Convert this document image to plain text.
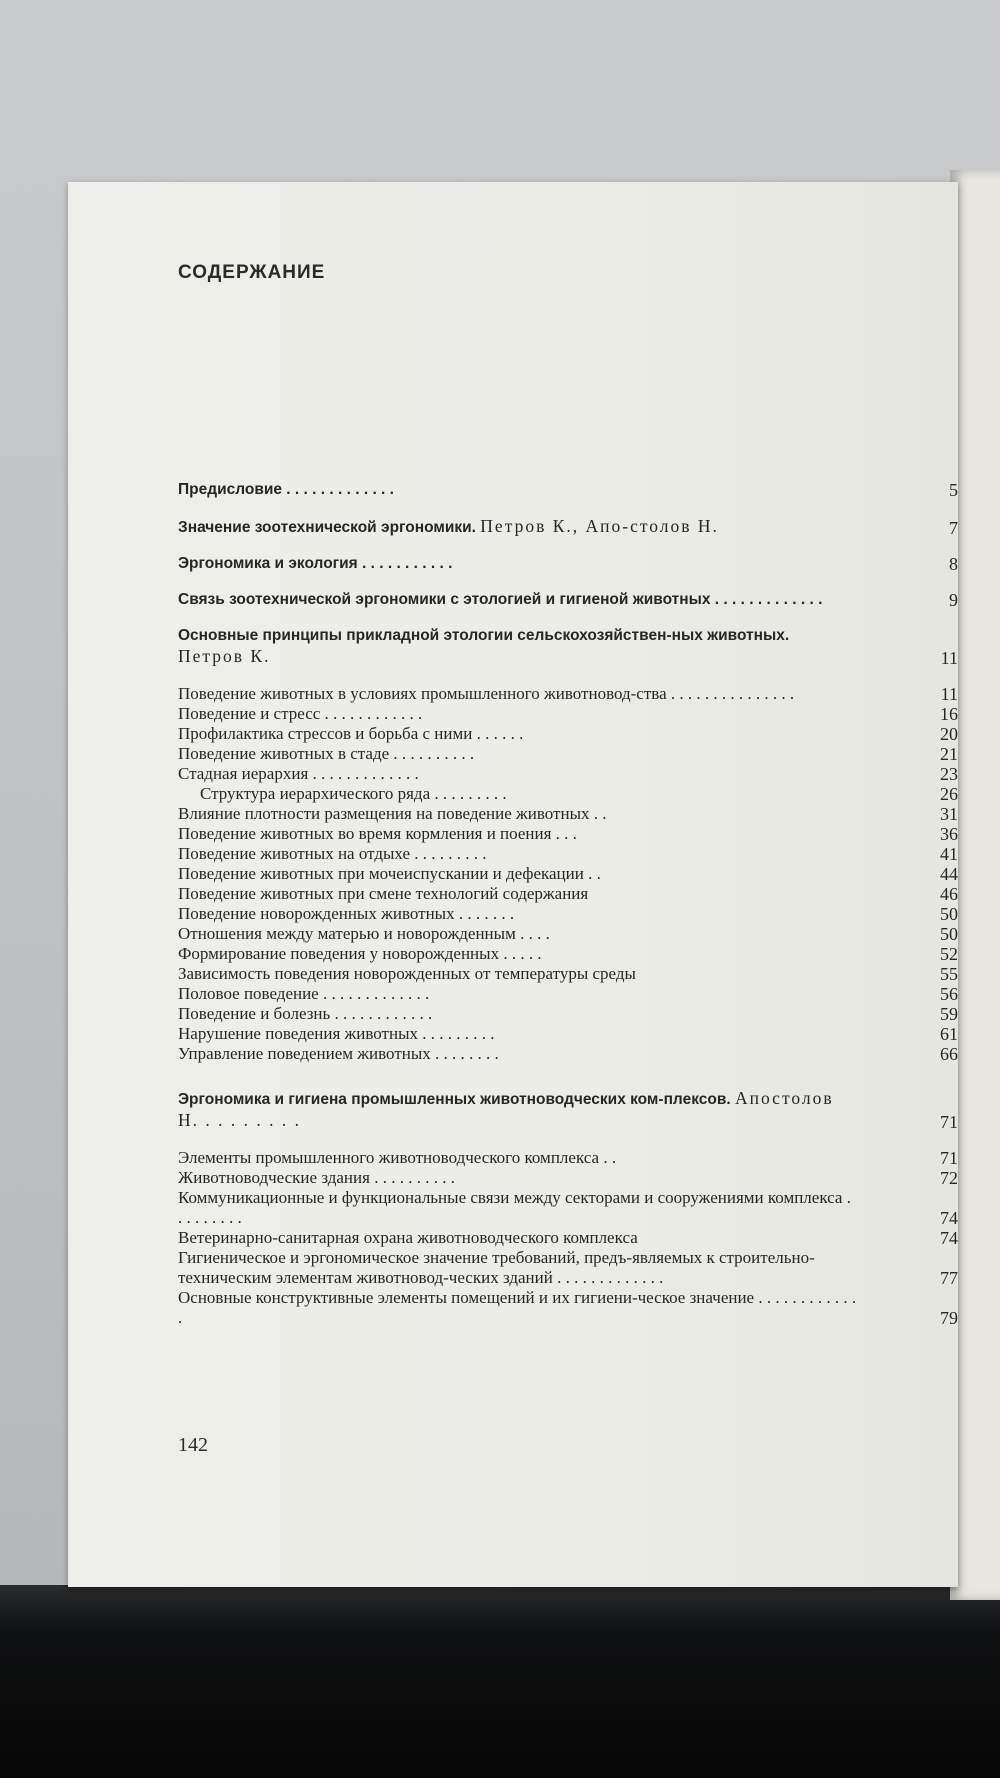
СОДЕРЖАНИЕ
Предисловие . . . . . . . . . . . . .	5
Значение зоотехнической эргономики. Петров К., Апо-столов Н.	7
Эргономика и экология . . . . . . . . . . .	8
Связь зоотехнической эргономики с этологией и гигиеной животных . . . . . . . . . . . . .	9
Основные принципы прикладной этологии сельскохозяйствен-ных животных. Петров К.	11
Поведение животных в условиях промышленного животновод-ства . . . . . . . . . . . . . . .	11
Поведение и стресс . . . . . . . . . . . .	16
Профилактика стрессов и борьба с ними . . . . . .	20
Поведение животных в стаде . . . . . . . . . .	21
Стадная иерархия . . . . . . . . . . . . .	23
Структура иерархического ряда . . . . . . . . .	26
Влияние плотности размещения на поведение животных . .	31
Поведение животных во время кормления и поения . . .	36
Поведение животных на отдыхе . . . . . . . . .	41
Поведение животных при мочеиспускании и дефекации . .	44
Поведение животных при смене технологий содержания	46
Поведение новорожденных животных . . . . . . .	50
Отношения между матерью и новорожденным . . . .	50
Формирование поведения у новорожденных . . . . .	52
Зависимость поведения новорожденных от температуры среды	55
Половое поведение . . . . . . . . . . . . .	56
Поведение и болезнь . . . . . . . . . . . .	59
Нарушение поведения животных . . . . . . . . .	61
Управление поведением животных . . . . . . . .	66
Эргономика и гигиена промышленных животноводческих ком-плексов. Апостолов Н. . . . . . . . .	71
Элементы промышленного животноводческого комплекса . .	71
Животноводческие здания . . . . . . . . . .	72
Коммуникационные и функциональные связи между секторами и сооружениями комплекса . . . . . . . . .	74
Ветеринарно-санитарная охрана животноводческого комплекса	74
Гигиеническое и эргономическое значение требований, предъ-являемых к строительно-техническим элементам животновод-ческих зданий . . . . . . . . . . . . .	77
Основные конструктивные элементы помещений и их гигиени-ческое значение . . . . . . . . . . . . .	79
142
